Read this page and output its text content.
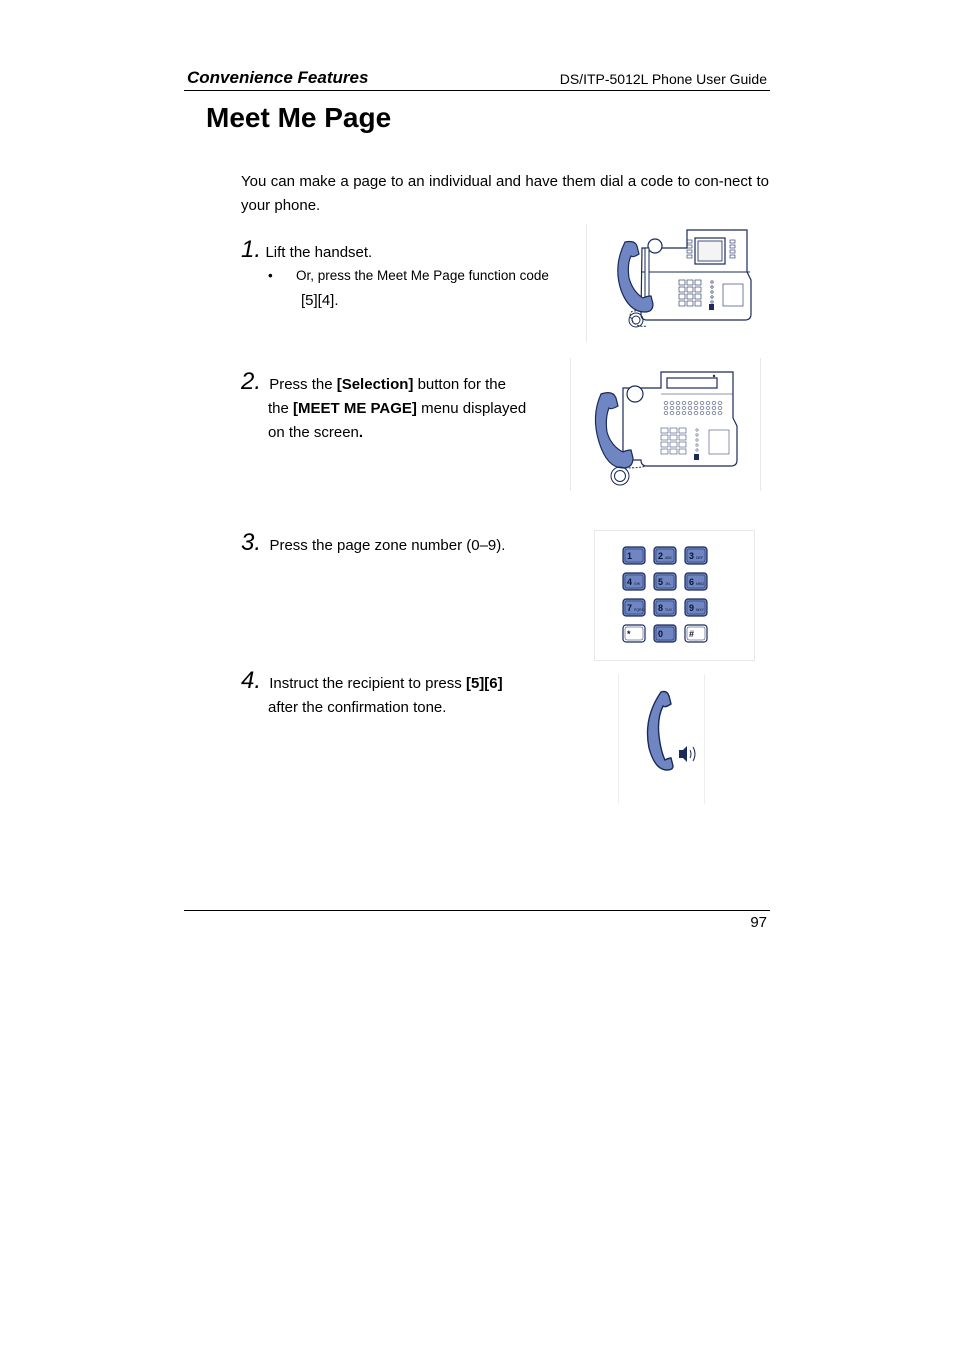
Convenience Features	DS/ITP-5012L Phone User Guide
Meet Me Page
You can make a page to an individual and have them dial a code to con-nect to your phone.
1. Lift the handset.
• Or, press the Meet Me Page function code
[5][4].
2. Press the [Selection] button for the
the [MEET ME PAGE] menu displayed
on the screen.
3. Press the page zone number (0–9).
4. Instruct the recipient to press [5][6]
after the confirmation tone.
1	2 ABC 3 DEF
4 GHI 5 JKL 6 MNO
7 PQRS 8 TUV 9 WXY
*	0	#
97
